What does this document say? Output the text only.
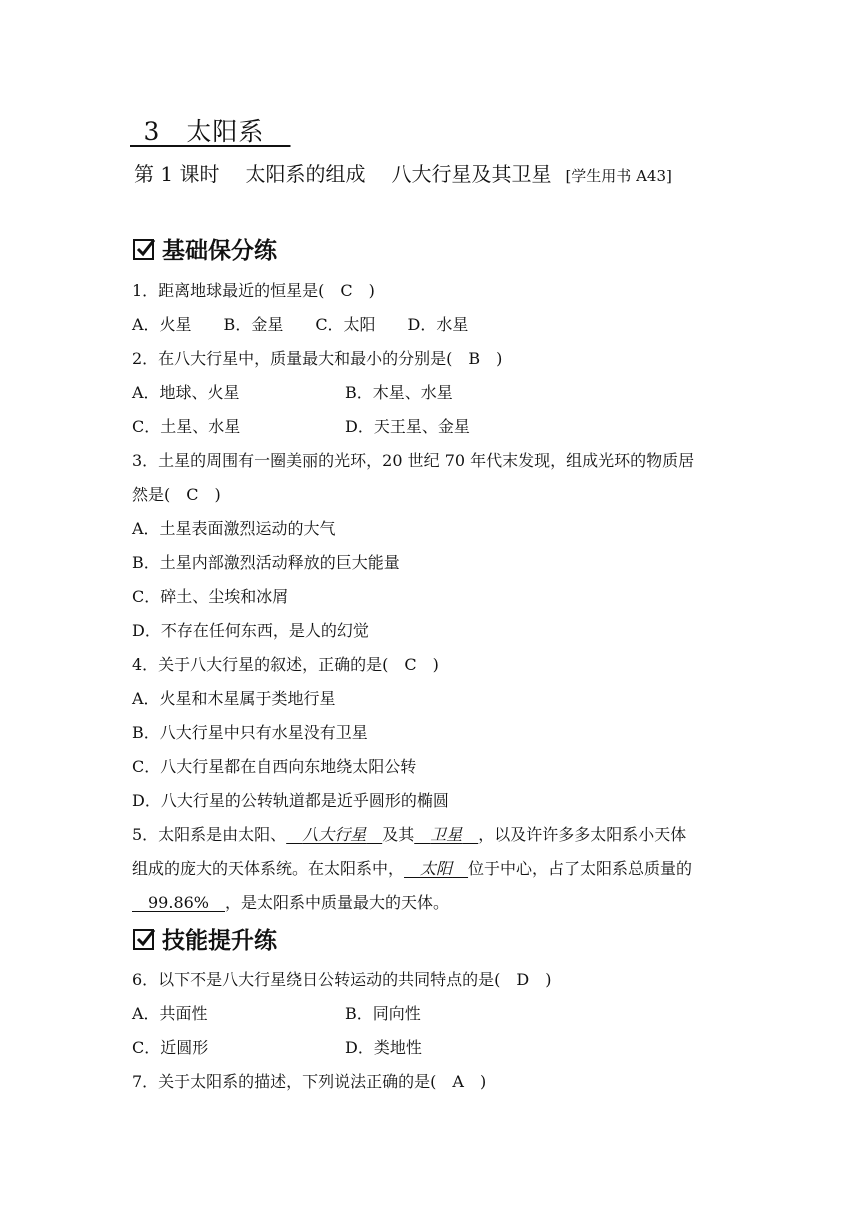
 3  太阳系 
第 1 课时 太阳系的组成 八大行星及其卫星 [学生用书 A43]
基础保分练
1．距离地球最近的恒星是(　C　)
A．火星　　B．金星　　C．太阳　　D．水星
2．在八大行星中，质量最大和最小的分别是(　B　)
A．地球、火星	B．木星、水星
C．土星、水星	D．天王星、金星
3．土星的周围有一圈美丽的光环，20 世纪 70 年代末发现，组成光环的物质居
然是(　C　)
A．土星表面激烈运动的大气
B．土星内部激烈活动释放的巨大能量
C．碎土、尘埃和冰屑
D．不存在任何东西，是人的幻觉
4．关于八大行星的叙述，正确的是(　C　)
A．火星和木星属于类地行星
B．八大行星中只有水星没有卫星
C．八大行星都在自西向东地绕太阳公转
D．八大行星的公转轨道都是近乎圆形的椭圆
5．太阳系是由太阳、  八大行星  及其  卫星  ，以及许许多多太阳系小天体
组成的庞大的天体系统。在太阳系中，  太阳  位于中心，占了太阳系总质量的
 99.86%  ，是太阳系中质量最大的天体。
技能提升练
6．以下不是八大行星绕日公转运动的共同特点的是(　D　)
A．共面性	B．同向性
C．近圆形	D．类地性
7．关于太阳系的描述，下列说法正确的是(　A　)
